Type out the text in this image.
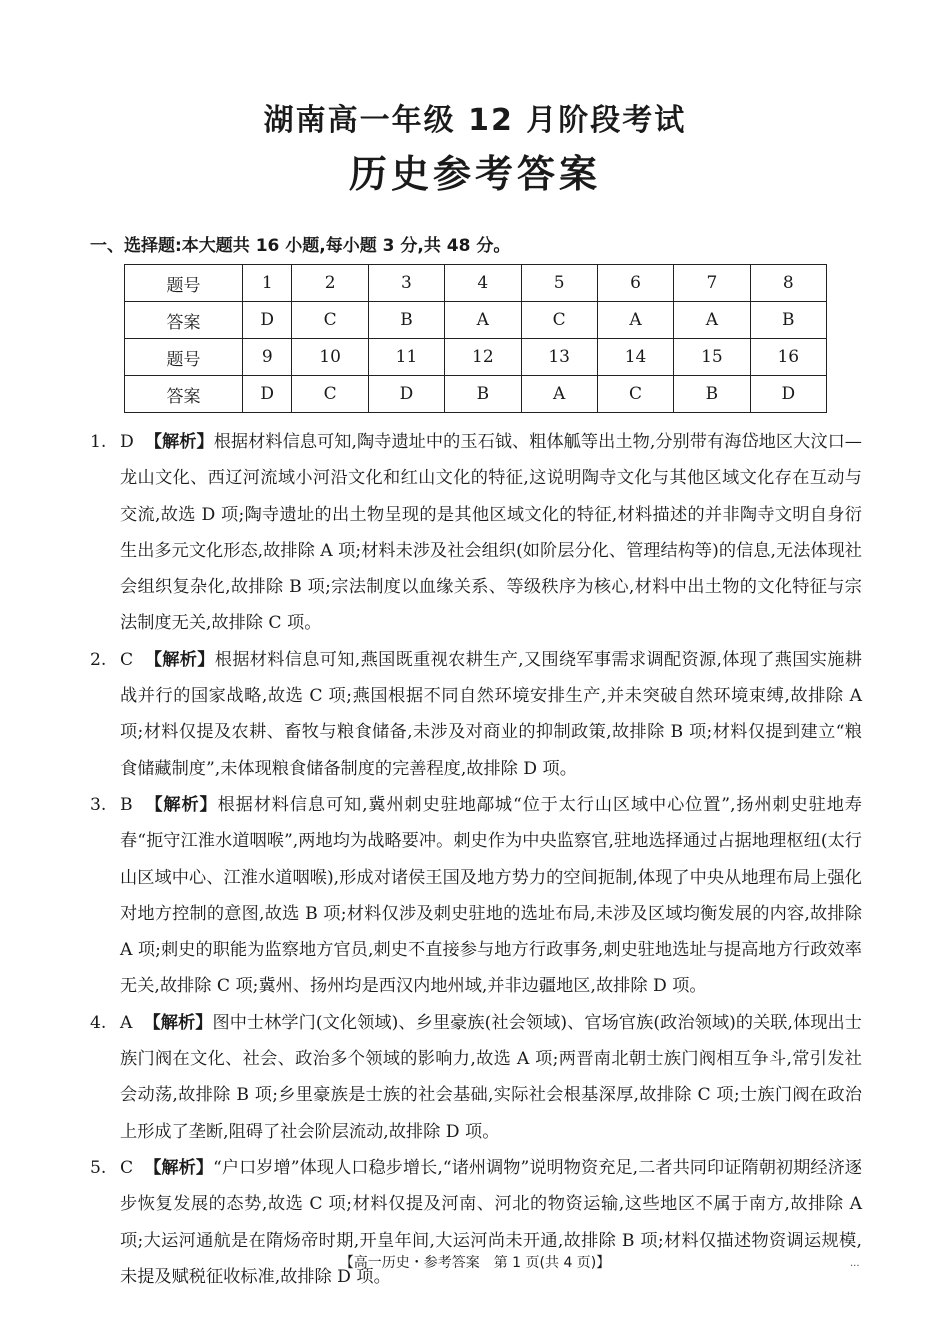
湖南高一年级 12 月阶段考试
历史参考答案
一、选择题:本大题共 16 小题,每小题 3 分,共 48 分。
题号	1	2	3	4	5	6	7	8
答案	D	C	B	A	C	A	A	B
题号	9	10	11	12	13	14	15	16
答案	D	C	D	B	A	C	B	D

1. D 【解析】根据材料信息可知,陶寺遗址中的玉石钺、粗体觚等出土物,分别带有海岱地区大汶口—龙山文化、西辽河流域小河沿文化和红山文化的特征,这说明陶寺文化与其他区域文化存在互动与交流,故选 D 项;陶寺遗址的出土物呈现的是其他区域文化的特征,材料描述的并非陶寺文明自身衍生出多元文化形态,故排除 A 项;材料未涉及社会组织(如阶层分化、管理结构等)的信息,无法体现社会组织复杂化,故排除 B 项;宗法制度以血缘关系、等级秩序为核心,材料中出土物的文化特征与宗法制度无关,故排除 C 项。

2. C 【解析】根据材料信息可知,燕国既重视农耕生产,又围绕军事需求调配资源,体现了燕国实施耕战并行的国家战略,故选 C 项;燕国根据不同自然环境安排生产,并未突破自然环境束缚,故排除 A 项;材料仅提及农耕、畜牧与粮食储备,未涉及对商业的抑制政策,故排除 B 项;材料仅提到建立“粮食储藏制度”,未体现粮食储备制度的完善程度,故排除 D 项。

3. B 【解析】根据材料信息可知,冀州刺史驻地鄗城“位于太行山区域中心位置”,扬州刺史驻地寿春“扼守江淮水道咽喉”,两地均为战略要冲。刺史作为中央监察官,驻地选择通过占据地理枢纽(太行山区域中心、江淮水道咽喉),形成对诸侯王国及地方势力的空间扼制,体现了中央从地理布局上强化对地方控制的意图,故选 B 项;材料仅涉及刺史驻地的选址布局,未涉及区域均衡发展的内容,故排除 A 项;刺史的职能为监察地方官员,刺史不直接参与地方行政事务,刺史驻地选址与提高地方行政效率无关,故排除 C 项;冀州、扬州均是西汉内地州域,并非边疆地区,故排除 D 项。

4. A 【解析】图中士林学门(文化领域)、乡里豪族(社会领域)、官场官族(政治领域)的关联,体现出士族门阀在文化、社会、政治多个领域的影响力,故选 A 项;两晋南北朝士族门阀相互争斗,常引发社会动荡,故排除 B 项;乡里豪族是士族的社会基础,实际社会根基深厚,故排除 C 项;士族门阀在政治上形成了垄断,阻碍了社会阶层流动,故排除 D 项。

5. C 【解析】“户口岁增”体现人口稳步增长,“诸州调物”说明物资充足,二者共同印证隋朝初期经济逐步恢复发展的态势,故选 C 项;材料仅提及河南、河北的物资运输,这些地区不属于南方,故排除 A 项;大运河通航是在隋炀帝时期,开皇年间,大运河尚未开通,故排除 B 项;材料仅描述物资调运规模,未提及赋税征收标准,故排除 D 项。

【高一历史・参考答案　第 1 页(共 4 页)】	...
